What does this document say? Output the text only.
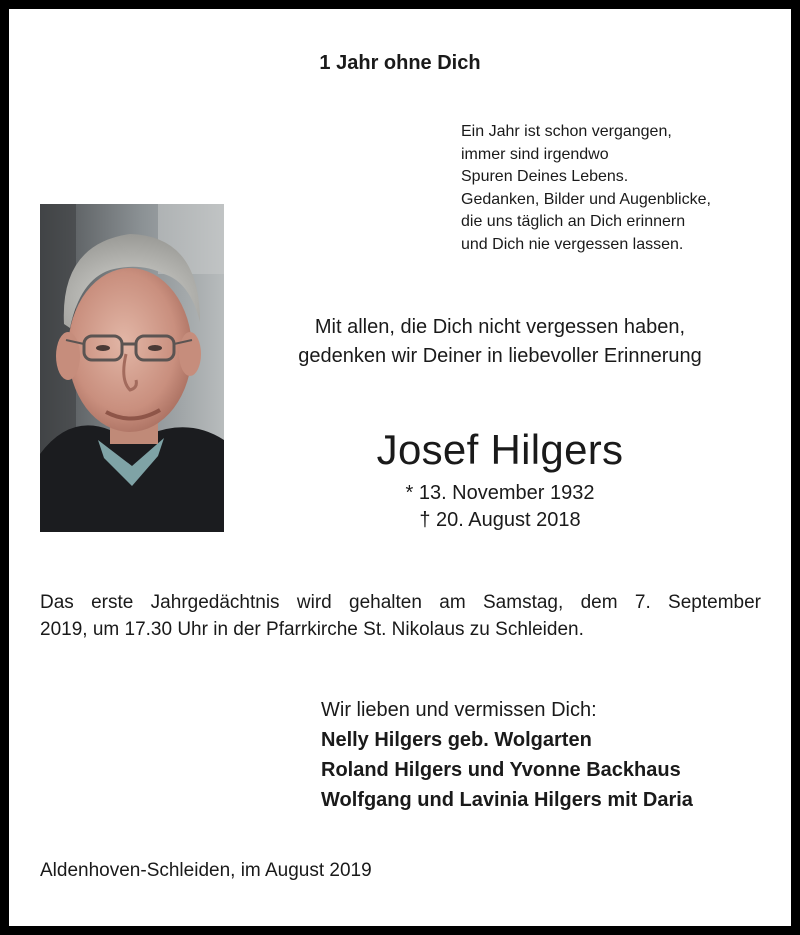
1 Jahr ohne Dich
Ein Jahr ist schon vergangen,
immer sind irgendwo
Spuren Deines Lebens.
Gedanken, Bilder und Augenblicke,
die uns täglich an Dich erinnern
und Dich nie vergessen lassen.
Mit allen, die Dich nicht vergessen haben,
gedenken wir Deiner in liebevoller Erinnerung
Josef Hilgers
* 13. November 1932
† 20. August 2018
Das erste Jahrgedächtnis wird gehalten am Samstag, dem 7. September
2019, um 17.30 Uhr in der Pfarrkirche St. Nikolaus zu Schleiden.
Wir lieben und vermissen Dich:
Nelly Hilgers geb. Wolgarten
Roland Hilgers und Yvonne Backhaus
Wolfgang und Lavinia Hilgers mit Daria
Aldenhoven-Schleiden, im August 2019
